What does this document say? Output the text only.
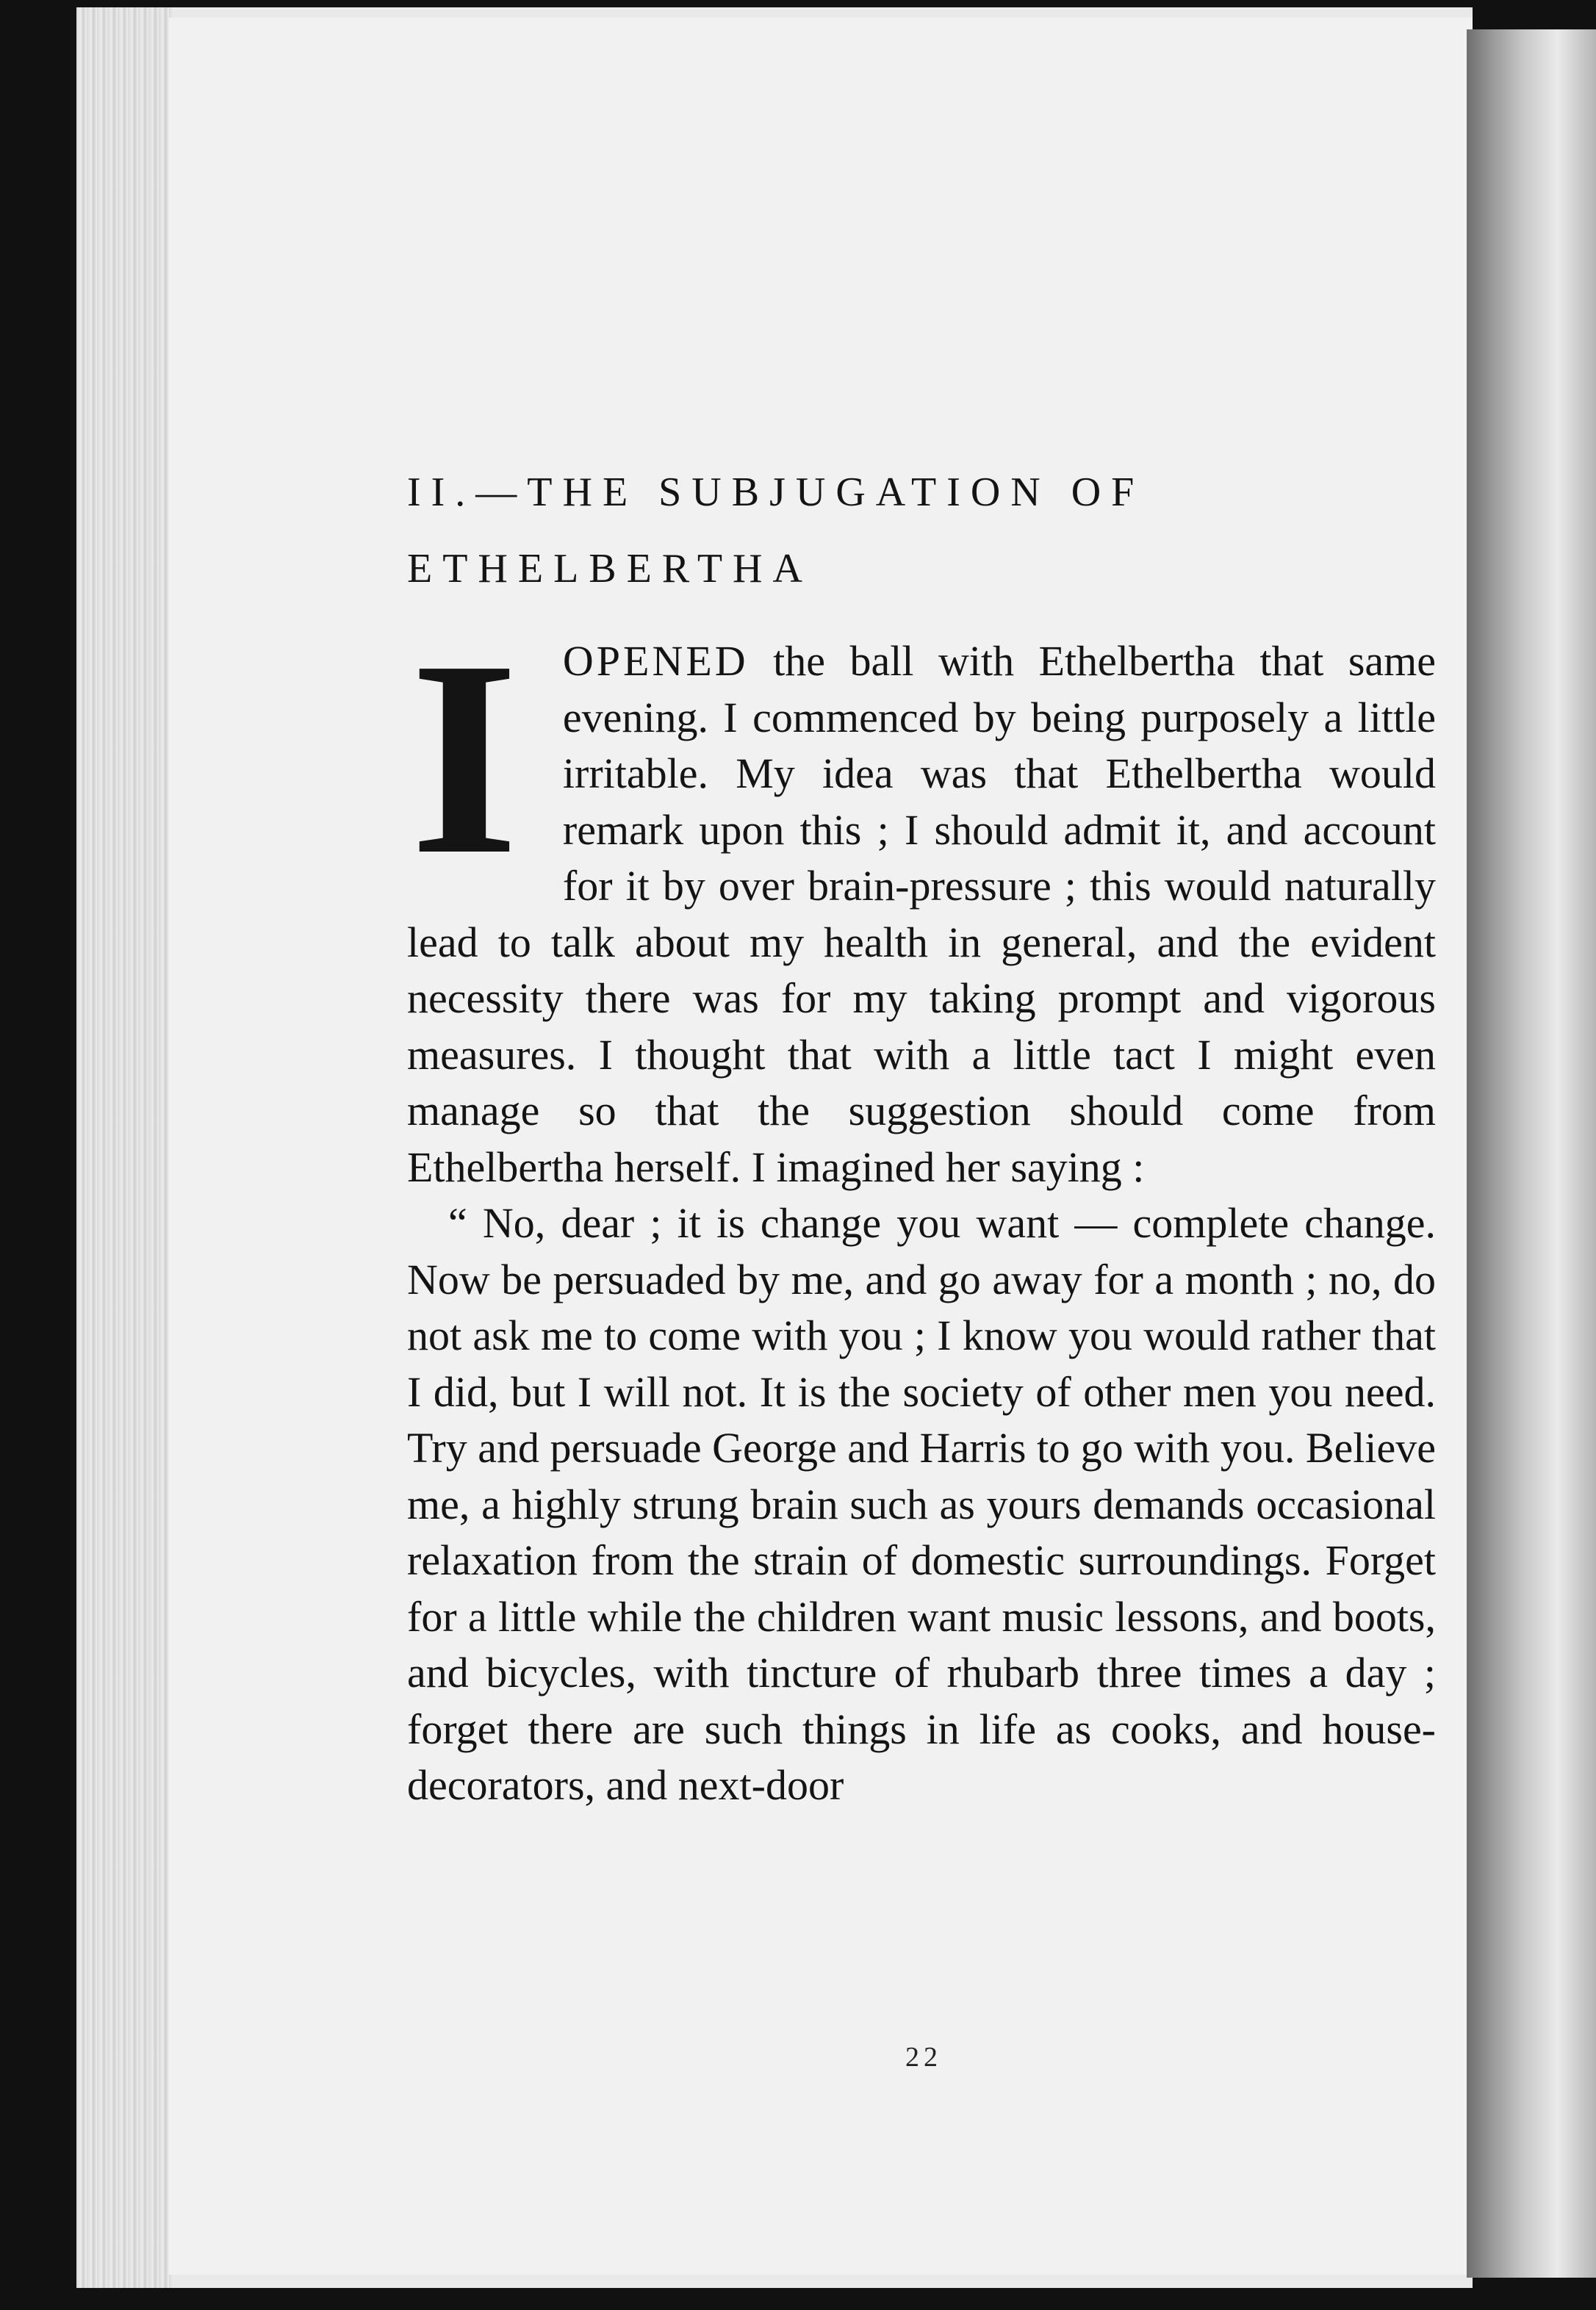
II.—THE SUBJUGATION OF
ETHELBERTHA

I OPENED the ball with Ethelbertha that same evening. I commenced by being purposely a little irritable. My idea was that Ethelbertha would remark upon this ; I should admit it, and account for it by over brain-pressure ; this would naturally lead to talk about my health in general, and the evident necessity there was for my taking prompt and vigorous measures. I thought that with a little tact I might even manage so that the suggestion should come from Ethelbertha herself. I imagined her saying :

“ No, dear ; it is change you want — complete change. Now be persuaded by me, and go away for a month ; no, do not ask me to come with you ; I know you would rather that I did, but I will not. It is the society of other men you need. Try and persuade George and Harris to go with you. Believe me, a highly strung brain such as yours demands occasional relaxation from the strain of domestic surroundings. Forget for a little while the children want music lessons, and boots, and bicycles, with tincture of rhubarb three times a day ; forget there are such things in life as cooks, and house-decorators, and next-door

22
